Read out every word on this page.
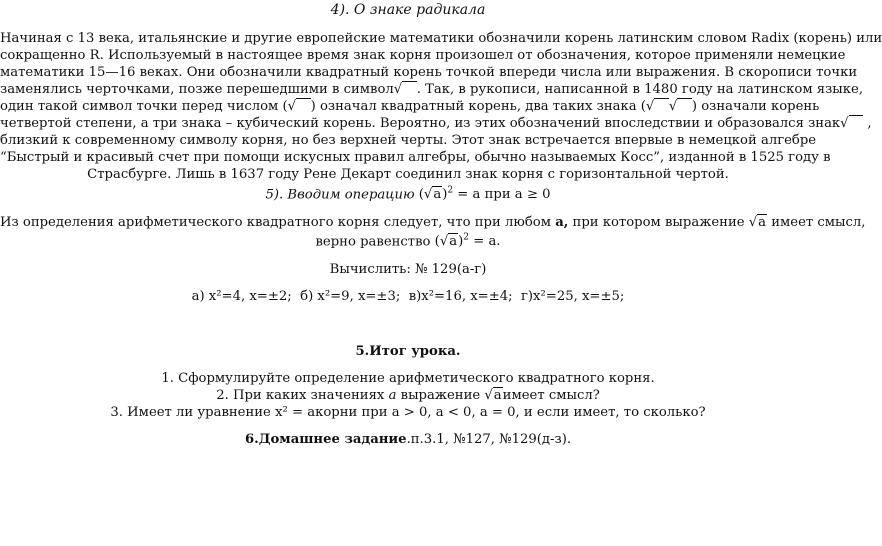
4). О знаке радикала
Начиная с 13 века, итальянские и другие европейские математики обозначили корень латинским словом Radix (корень) или
сокращенно R. Используемый в настоящее время знак корня произошел от обозначения, которое применяли немецкие
математики 15—16 веках. Они обозначили квадратный корень точкой впереди числа или выражения. В скорописи точки
заменялись черточками, позже перешедшими в символ√ . Так, в рукописи, написанной в 1480 году на латинском языке,
один такой символ точки перед числом (√ ) означал квадратный корень, два таких знака (√ √ ) означали корень
четвертой степени, а три знака – кубический корень. Вероятно, из этих обозначений впоследствии и образовался знак√    ,
близкий к современному символу корня, но без верхней черты. Этот знак встречается впервые в немецкой алгебре
“Быстрый и красивый счет при помощи искусных правил алгебры, обычно называемых Косс”, изданной в 1525 году в
Страсбурге. Лишь в 1637 году Рене Декарт соединил знак корня с горизонтальной чертой.
5). Вводим операцию $(√a)^2 = a$ при a ≥ 0
Из определения арифметического квадратного корня следует, что при любом а, при котором выражение √a имеет смысл,
верно равенство $(√a)^2 = a$.
Вычислить: № 129(а-г)
а) x²=4, x=±2; б) x²=9, x=±3; в)x²=16, x=±4; г)x²=25, x=±5;
5.Итог урока.
1. Сформулируйте определение арифметического квадратного корня.
2. При каких значениях a выражение √aимеет смысл?
3. Имеет ли уравнение x² = aкорни при a > 0, a < 0, a = 0, и если имеет, то сколько?
6.Домашнее задание.п.3.1, №127, №129(д-з).
